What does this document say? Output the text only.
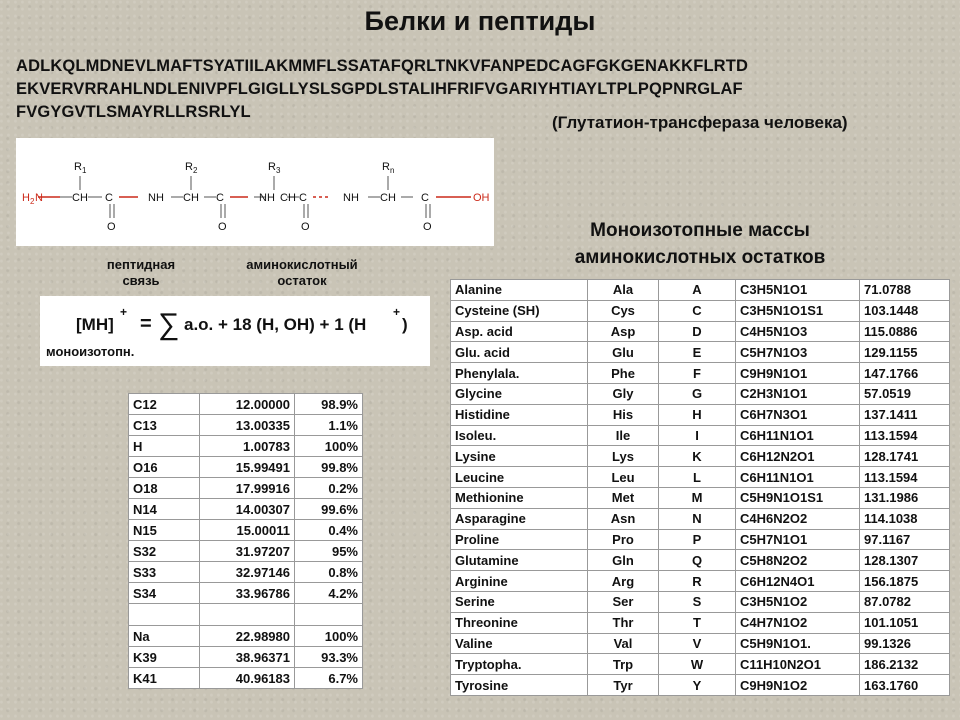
Белки и пептиды
ADLKQLMDNEVLMAFTSYATIILAKMMFLSSATAFQRLTNKVFANPEDCAGFGKGENAKKFLRTD
EKVERVRRAHLNDLENIVPFLGIGLLYSLSGPDLSTALIHFRIFVGARIYHTIAYLTPLPQPNRGLAF
FVGYGVTLSMAYRLLRSRLYL
(Глутатион-трансфераза человека)
H 2 N	CH C
O
R 1
NH CH C
O
R 2
NH CH C
O
R 3
NH CH C
O
R n
OH
пептидная связь
аминокислотный остаток
[MH]
+
= ∑ a.o. + 18 (H, OH) + 1 (H
+
)
моноизотопн.
Моноизотопные массы
аминокислотных остатков
C12	12.00000	98.9%
C13	13.00335	1.1%
H	1.00783	100%
O16	15.99491	99.8%
O18	17.99916	0.2%
N14	14.00307	99.6%
N15	15.00011	0.4%
S32	31.97207	95%
S33	32.97146	0.8%
S34	33.96786	4.2%

Na	22.98980	100%
K39	38.96371	93.3%
K41	40.96183	6.7%
Alanine	Ala	A	C3H5N1O1	71.0788
Cysteine (SH)	Cys	C	C3H5N1O1S1	103.1448
Asp. acid	Asp	D	C4H5N1O3	115.0886
Glu. acid	Glu	E	C5H7N1O3	129.1155
Phenylala.	Phe	F	C9H9N1O1	147.1766
Glycine	Gly	G	C2H3N1O1	57.0519
Histidine	His	H	C6H7N3O1	137.1411
Isoleu.	Ile	I	C6H11N1O1	113.1594
Lysine	Lys	K	C6H12N2O1	128.1741
Leucine	Leu	L	C6H11N1O1	113.1594
Methionine	Met	M	C5H9N1O1S1	131.1986
Asparagine	Asn	N	C4H6N2O2	114.1038
Proline	Pro	P	C5H7N1O1	97.1167
Glutamine	Gln	Q	C5H8N2O2	128.1307
Arginine	Arg	R	C6H12N4O1	156.1875
Serine	Ser	S	C3H5N1O2	87.0782
Threonine	Thr	T	C4H7N1O2	101.1051
Valine	Val	V	C5H9N1O1.	99.1326
Tryptopha.	Trp	W	C11H10N2O1	186.2132
Tyrosine	Tyr	Y	C9H9N1O2	163.1760
